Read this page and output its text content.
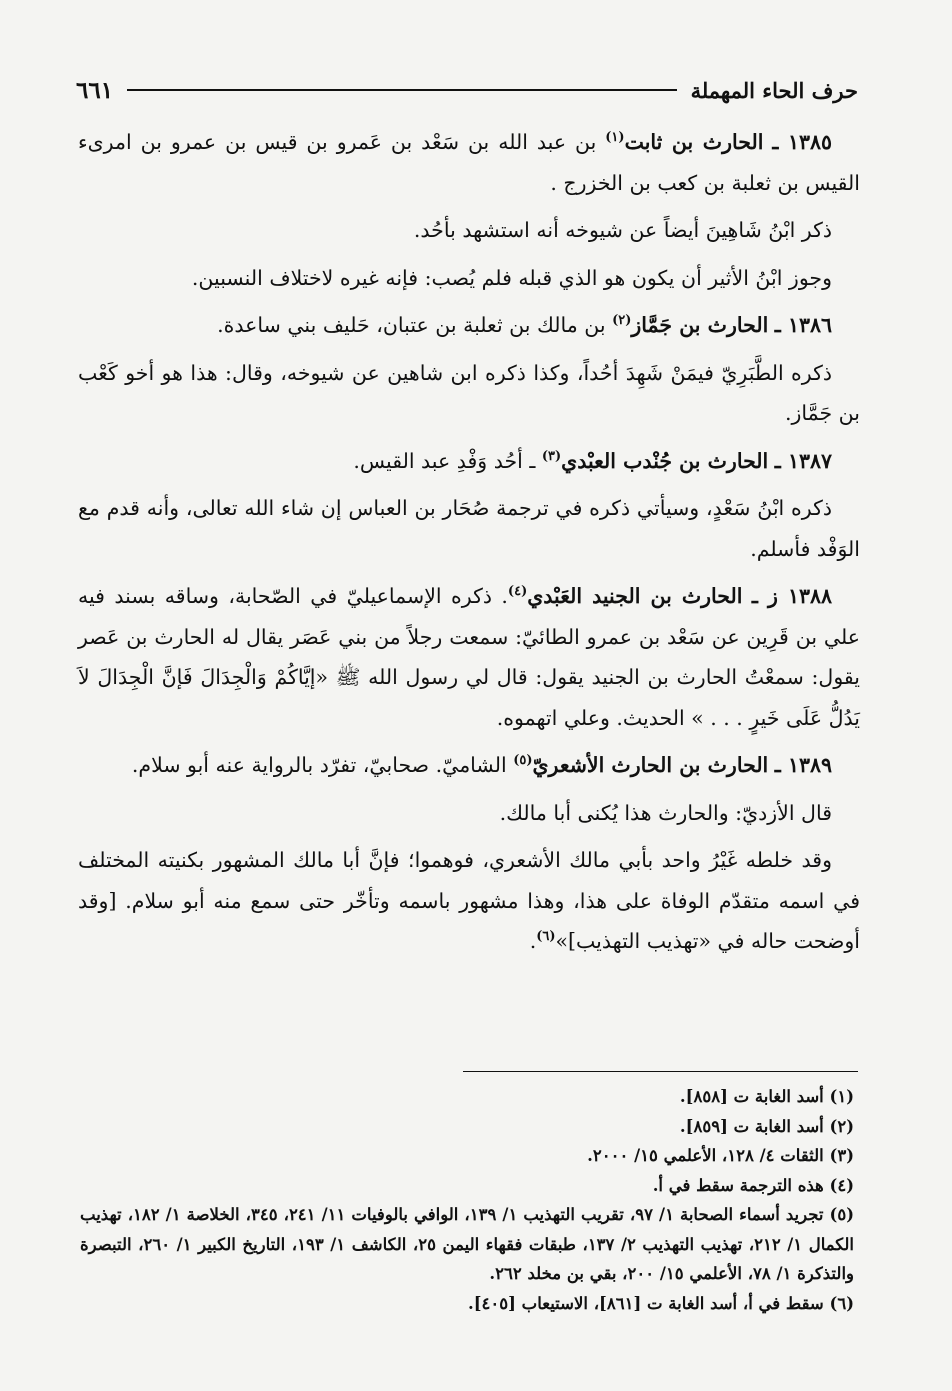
حرف الحاء المهملة
٦٦١

١٣٨٥ ـ الحارث بن ثابت$^{(١)}$ بن عبد الله بن سَعْد بن عَمرو بن قيس بن عمرو بن امرىء القيس بن ثعلبة بن كعب بن الخزرج .

ذكر ابْنُ شَاهِينَ أيضاً عن شيوخه أنه استشهد بأحُد.

وجوز ابْنُ الأثير أن يكون هو الذي قبله فلم يُصب: فإنه غيره لاختلاف النسبين.

١٣٨٦ ـ الحارث بن جَمَّاز$^{(٢)}$ بن مالك بن ثعلبة بن عتبان، حَليف بني ساعدة.

ذكره الطَّبَرِيّ فيمَنْ شَهِدَ أحُداً، وكذا ذكره ابن شاهين عن شيوخه، وقال: هذا هو أخو كَعْب بن جَمَّاز.

١٣٨٧ ـ الحارث بن جُنْدب العبْدي$^{(٣)}$ ـ أحُد وَفْدِ عبد القيس.

ذكره ابْنُ سَعْدٍ، وسيأتي ذكره في ترجمة صُحَار بن العباس إن شاء الله تعالى، وأنه قدم مع الوَفْد فأسلم.

١٣٨٨ ز ـ الحارث بن الجنيد العَبْدي$^{(٤)}$. ذكره الإسماعيليّ في الصّحابة، وساقه بسند فيه علي بن قَرِين عن سَعْد بن عمرو الطائيّ: سمعت رجلاً من بني عَصَر يقال له الحارث بن عَصر يقول: سمعْتُ الحارث بن الجنيد يقول: قال لي رسول الله ﷺ «إيَّاكُمْ وَالْجِدَالَ فَإنَّ الْجِدَالَ لاَ يَدُلُّ عَلَى خَيرٍ . . . » الحديث. وعلي اتهموه.

١٣٨٩ ـ الحارث بن الحارث الأشعريّ$^{(٥)}$ الشاميّ. صحابيّ، تفرّد بالرواية عنه أبو سلام.

قال الأزديّ: والحارث هذا يُكنى أبا مالك.

وقد خلطه غَيْرُ واحد بأبي مالك الأشعري، فوهموا؛ فإنَّ أبا مالك المشهور بكنيته المختلف في اسمه متقدّم الوفاة على هذا، وهذا مشهور باسمه وتأخّر حتى سمع منه أبو سلام. [وقد أوضحت حاله في «تهذيب التهذيب]»$^{(٦)}$.

(١) أسد الغابة ت [٨٥٨].

(٢) أسد الغابة ت [٨٥٩].

(٣) الثقات ٤/ ١٢٨، الأعلمي ١٥/ ٢٠٠٠.

(٤) هذه الترجمة سقط في أ.

(٥) تجريد أسماء الصحابة ١/ ٩٧، تقريب التهذيب ١/ ١٣٩، الوافي بالوفيات ١١/ ٢٤١، ٣٤٥، الخلاصة ١/ ١٨٢، تهذيب الكمال ١/ ٢١٢، تهذيب التهذيب ٢/ ١٣٧، طبقات فقهاء اليمن ٢٥، الكاشف ١/ ١٩٣، التاريخ الكبير ١/ ٢٦٠، التبصرة والتذكرة ١/ ٧٨، الأعلمي ١٥/ ٢٠٠، بقي بن مخلد ٢٦٢.

(٦) سقط في أ، أسد الغابة ت [٨٦١]، الاستيعاب [٤٠٥].
